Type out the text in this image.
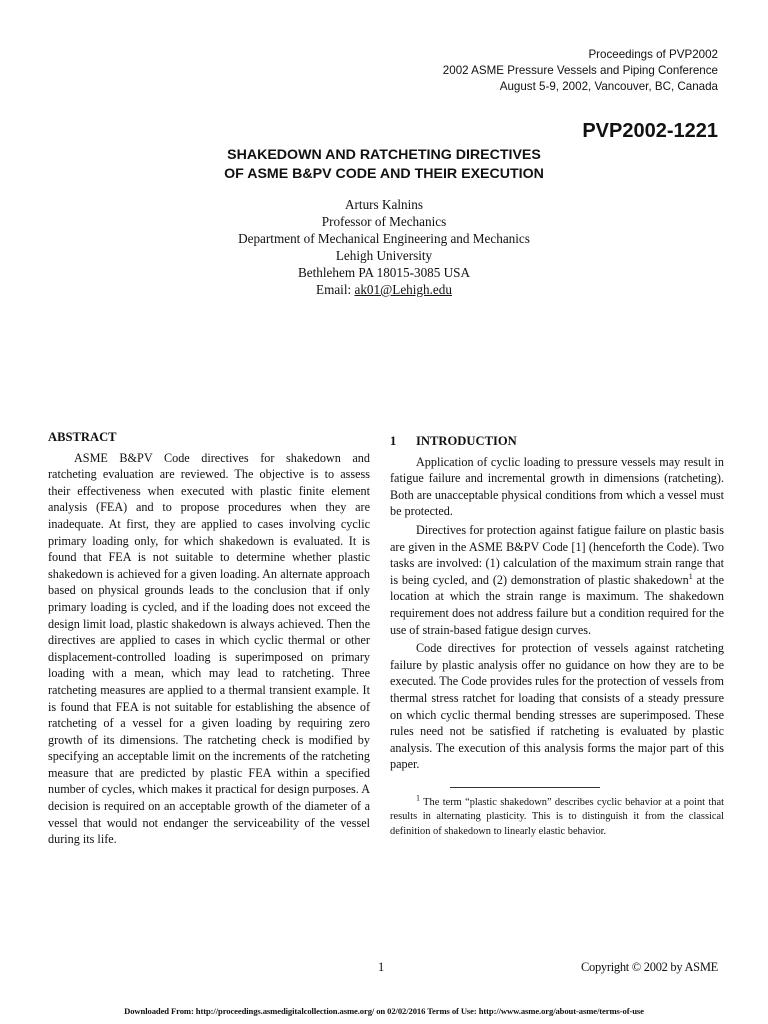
Proceedings of PVP2002
2002 ASME Pressure Vessels and Piping Conference
August 5-9, 2002, Vancouver, BC, Canada
PVP2002-1221
SHAKEDOWN AND RATCHETING DIRECTIVES
OF ASME B&PV CODE AND THEIR EXECUTION
Arturs Kalnins
Professor of Mechanics
Department of Mechanical Engineering and Mechanics
Lehigh University
Bethlehem PA 18015-3085 USA
Email: ak01@Lehigh.edu
ABSTRACT

ASME B&PV Code directives for shakedown and ratcheting evaluation are reviewed. The objective is to assess their effectiveness when executed with plastic finite element analysis (FEA) and to propose procedures when they are inadequate. At first, they are applied to cases involving cyclic primary loading only, for which shakedown is evaluated. It is found that FEA is not suitable to determine whether plastic shakedown is achieved for a given loading. An alternate approach based on physical grounds leads to the conclusion that if only primary loading is cycled, and if the loading does not exceed the design limit load, plastic shakedown is always achieved. Then the directives are applied to cases in which cyclic thermal or other displacement-controlled loading is superimposed on primary loading with a mean, which may lead to ratcheting. Three ratcheting measures are applied to a thermal transient example. It is found that FEA is not suitable for establishing the absence of ratcheting of a vessel for a given loading by requiring zero growth of its dimensions. The ratcheting check is modified by specifying an acceptable limit on the increments of the ratcheting measure that are predicted by plastic FEA within a specified number of cycles, which makes it practical for design purposes. A decision is required on an acceptable growth of the diameter of a vessel that would not endanger the serviceability of the vessel during its life.

1 INTRODUCTION

Application of cyclic loading to pressure vessels may result in fatigue failure and incremental growth in dimensions (ratcheting). Both are unacceptable physical conditions from which a vessel must be protected.

Directives for protection against fatigue failure on plastic basis are given in the ASME B&PV Code [1] (henceforth the Code). Two tasks are involved: (1) calculation of the maximum strain range that is being cycled, and (2) demonstration of plastic shakedown$^1$ at the location at which the strain range is maximum. The shakedown requirement does not address failure but a condition required for the use of strain-based fatigue design curves.

Code directives for protection of vessels against ratcheting failure by plastic analysis offer no guidance on how they are to be executed. The Code provides rules for the protection of vessels from thermal stress ratchet for loading that consists of a steady pressure on which cyclic thermal bending stresses are superimposed. These rules need not be satisfied if ratcheting is evaluated by plastic analysis. The execution of this analysis forms the major part of this paper.

$^1$ The term “plastic shakedown” describes cyclic behavior at a point that results in alternating plasticity. This is to distinguish it from the classical definition of shakedown to linearly elastic behavior.
1	Copyright © 2002 by ASME
Downloaded From: http://proceedings.asmedigitalcollection.asme.org/ on 02/02/2016 Terms of Use: http://www.asme.org/about-asme/terms-of-use
